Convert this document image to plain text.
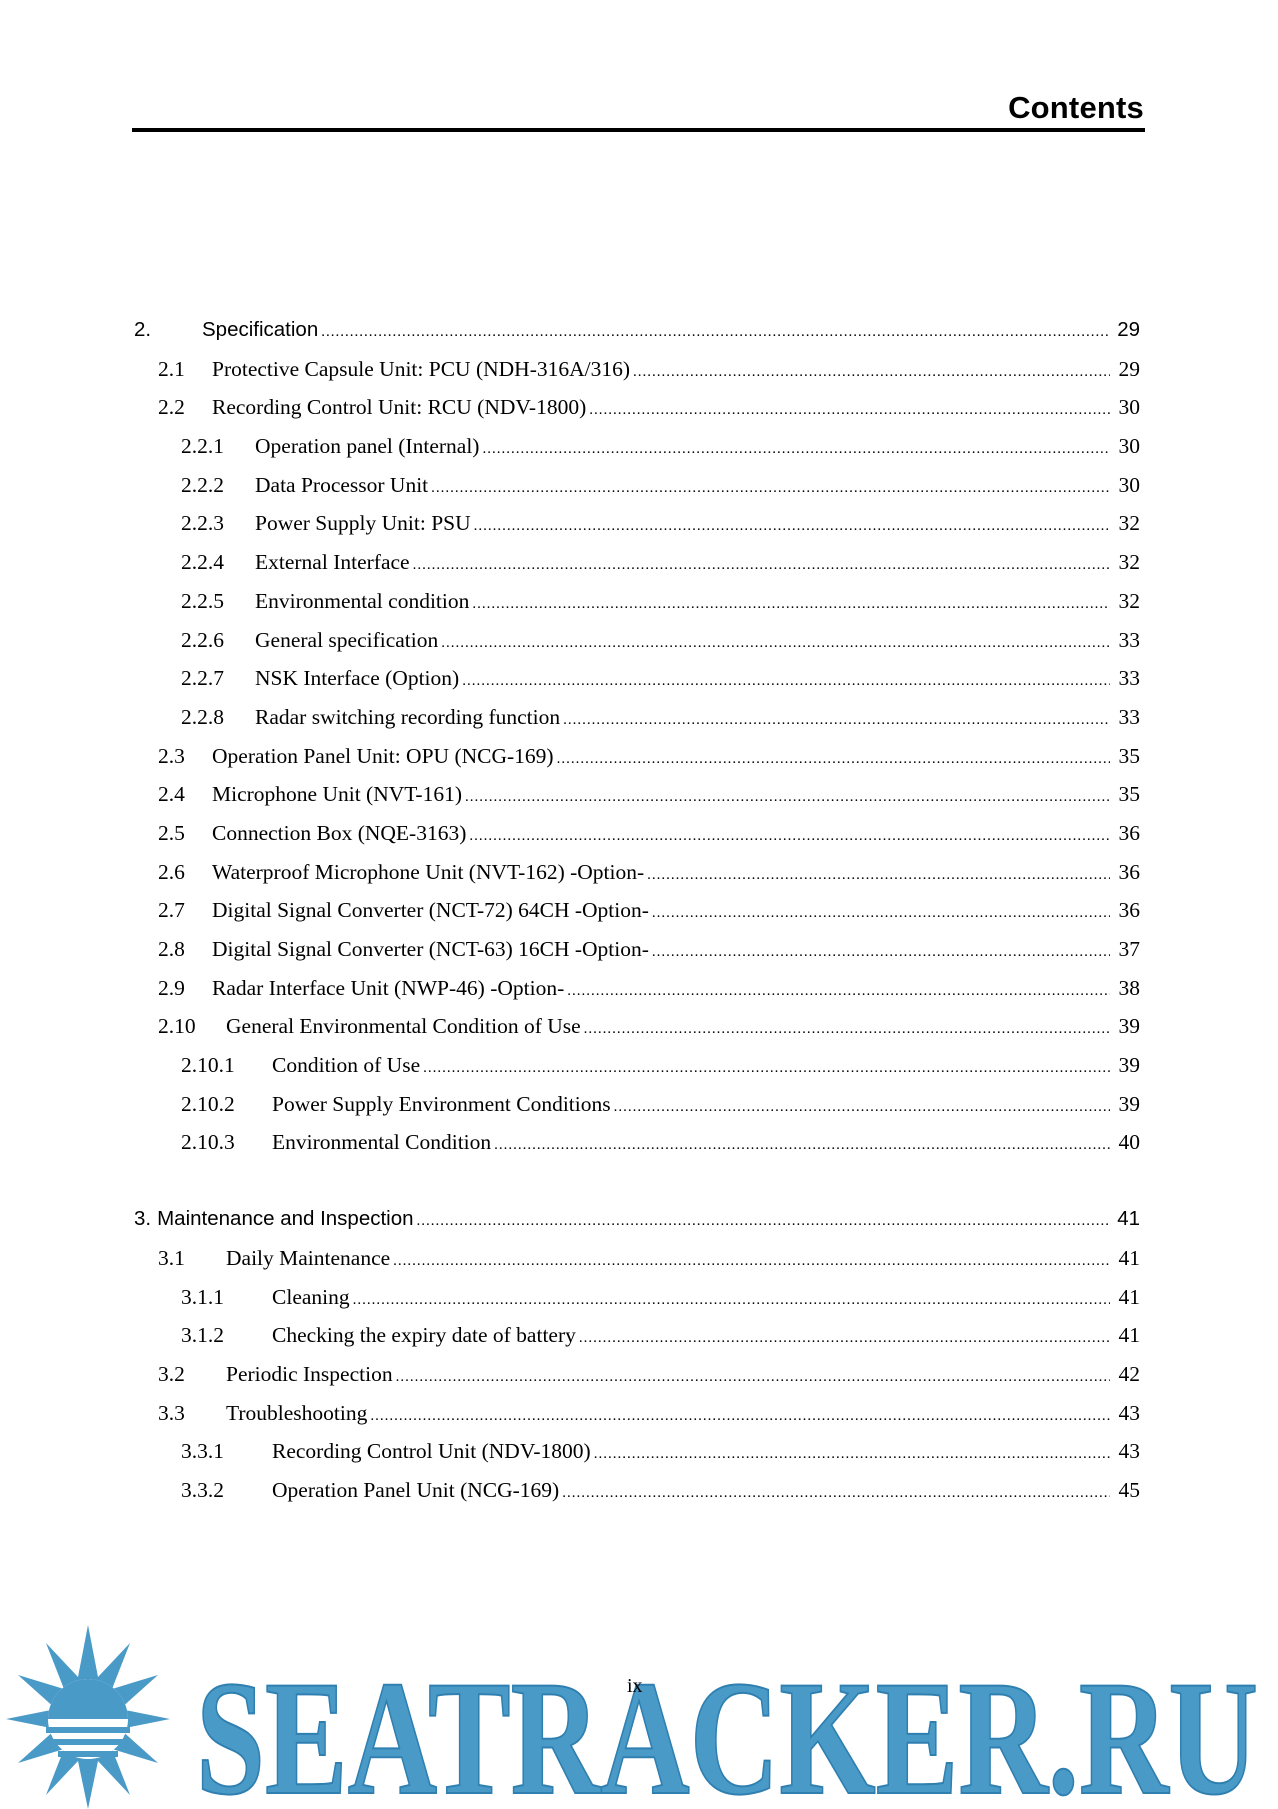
Contents
2.	Specification .....	29
2.1	Protective Capsule Unit: PCU (NDH-316A/316) .....	29
2.2	Recording Control Unit: RCU (NDV-1800) .....	30
2.2.1	Operation panel (Internal) .....	30
2.2.2	Data Processor Unit .....	30
2.2.3	Power Supply Unit: PSU .....	32
2.2.4	External Interface .....	32
2.2.5	Environmental condition .....	32
2.2.6	General specification .....	33
2.2.7	NSK Interface (Option) .....	33
2.2.8	Radar switching recording function .....	33
2.3	Operation Panel Unit: OPU (NCG-169) .....	35
2.4	Microphone Unit (NVT-161) .....	35
2.5	Connection Box (NQE-3163) .....	36
2.6	Waterproof Microphone Unit (NVT-162) -Option- .....	36
2.7	Digital Signal Converter (NCT-72) 64CH -Option- .....	36
2.8	Digital Signal Converter (NCT-63) 16CH -Option- .....	37
2.9	Radar Interface Unit (NWP-46) -Option- .....	38
2.10	General Environmental Condition of Use .....	39
2.10.1	Condition of Use .....	39
2.10.2	Power Supply Environment Conditions .....	39
2.10.3	Environmental Condition .....	40
3. Maintenance and Inspection .....	41
3.1	Daily Maintenance .....	41
3.1.1	Cleaning .....	41
3.1.2	Checking the expiry date of battery .....	41
3.2	Periodic Inspection .....	42
3.3	Troubleshooting .....	43
3.3.1	Recording Control Unit (NDV-1800) .....	43
3.3.2	Operation Panel Unit (NCG-169) .....	45
SEATRACKER.RU
ix
